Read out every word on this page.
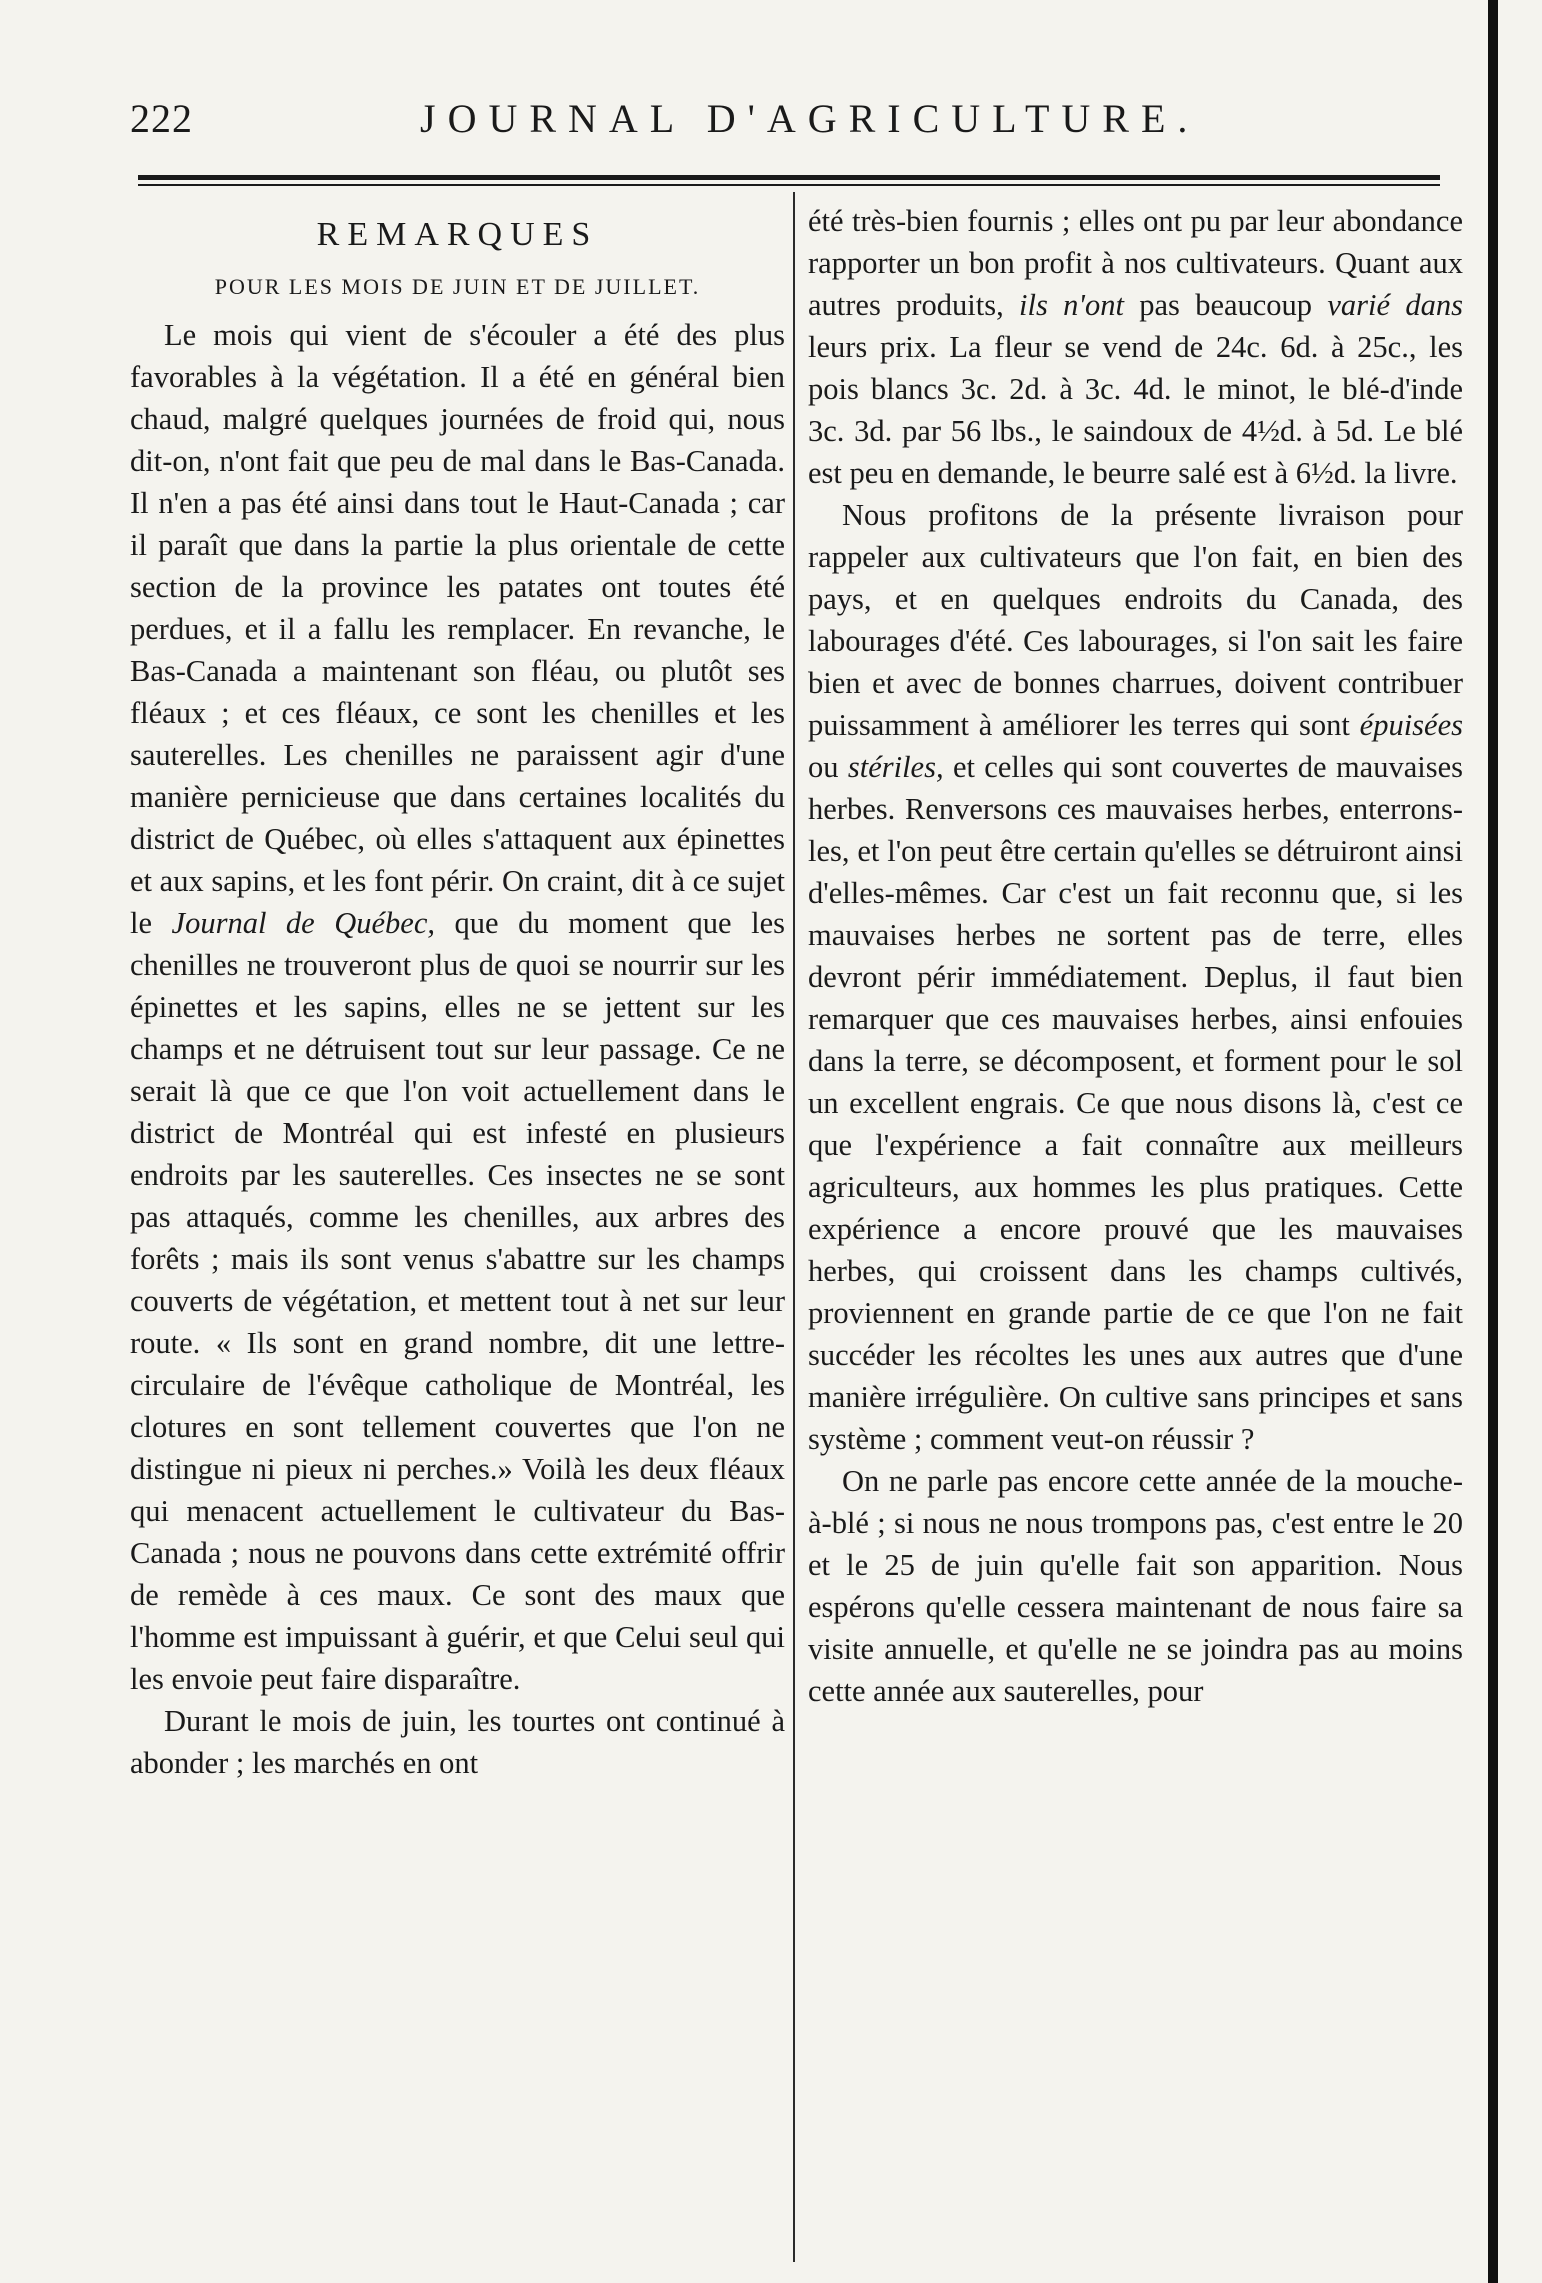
222	JOURNAL D'AGRICULTURE.
REMARQUES
POUR LES MOIS DE JUIN ET DE JUILLET.

Le mois qui vient de s'écouler a été des plus favorables à la végétation. Il a été en général bien chaud, malgré quelques journées de froid qui, nous dit-on, n'ont fait que peu de mal dans le Bas-Canada. Il n'en a pas été ainsi dans tout le Haut-Canada ; car il paraît que dans la partie la plus orientale de cette section de la province les patates ont toutes été perdues, et il a fallu les remplacer. En revanche, le Bas-Canada a maintenant son fléau, ou plutôt ses fléaux ; et ces fléaux, ce sont les chenilles et les sauterelles. Les chenilles ne paraissent agir d'une manière pernicieuse que dans certaines localités du district de Québec, où elles s'attaquent aux épinettes et aux sapins, et les font périr. On craint, dit à ce sujet le Journal de Québec, que du moment que les chenilles ne trouveront plus de quoi se nourrir sur les épinettes et les sapins, elles ne se jettent sur les champs et ne détruisent tout sur leur passage. Ce ne serait là que ce que l'on voit actuellement dans le district de Montréal qui est infesté en plusieurs endroits par les sauterelles. Ces insectes ne se sont pas attaqués, comme les chenilles, aux arbres des forêts ; mais ils sont venus s'abattre sur les champs couverts de végétation, et mettent tout à net sur leur route. « Ils sont en grand nombre, dit une lettre-circulaire de l'évêque catholique de Montréal, les clotures en sont tellement couvertes que l'on ne distingue ni pieux ni perches.» Voilà les deux fléaux qui menacent actuellement le cultivateur du Bas-Canada ; nous ne pouvons dans cette extrémité offrir de remède à ces maux. Ce sont des maux que l'homme est impuissant à guérir, et que Celui seul qui les envoie peut faire disparaître.

Durant le mois de juin, les tourtes ont continué à abonder ; les marchés en ont

été très-bien fournis ; elles ont pu par leur abondance rapporter un bon profit à nos cultivateurs. Quant aux autres produits, ils n'ont pas beaucoup varié dans leurs prix. La fleur se vend de 24c. 6d. à 25c., les pois blancs 3c. 2d. à 3c. 4d. le minot, le blé-d'inde 3c. 3d. par 56 lbs., le saindoux de 4½d. à 5d. Le blé est peu en demande, le beurre salé est à 6½d. la livre.

Nous profitons de la présente livraison pour rappeler aux cultivateurs que l'on fait, en bien des pays, et en quelques endroits du Canada, des labourages d'été. Ces labourages, si l'on sait les faire bien et avec de bonnes charrues, doivent contribuer puissamment à améliorer les terres qui sont épuisées ou stériles, et celles qui sont couvertes de mauvaises herbes. Renversons ces mauvaises herbes, enterrons-les, et l'on peut être certain qu'elles se détruiront ainsi d'elles-mêmes. Car c'est un fait reconnu que, si les mauvaises herbes ne sortent pas de terre, elles devront périr immédiatement. Deplus, il faut bien remarquer que ces mauvaises herbes, ainsi enfouies dans la terre, se décomposent, et forment pour le sol un excellent engrais. Ce que nous disons là, c'est ce que l'expérience a fait connaître aux meilleurs agriculteurs, aux hommes les plus pratiques. Cette expérience a encore prouvé que les mauvaises herbes, qui croissent dans les champs cultivés, proviennent en grande partie de ce que l'on ne fait succéder les récoltes les unes aux autres que d'une manière irrégulière. On cultive sans principes et sans système ; comment veut-on réussir ?

On ne parle pas encore cette année de la mouche-à-blé ; si nous ne nous trompons pas, c'est entre le 20 et le 25 de juin qu'elle fait son apparition. Nous espérons qu'elle cessera maintenant de nous faire sa visite annuelle, et qu'elle ne se joindra pas au moins cette année aux sauterelles, pour
